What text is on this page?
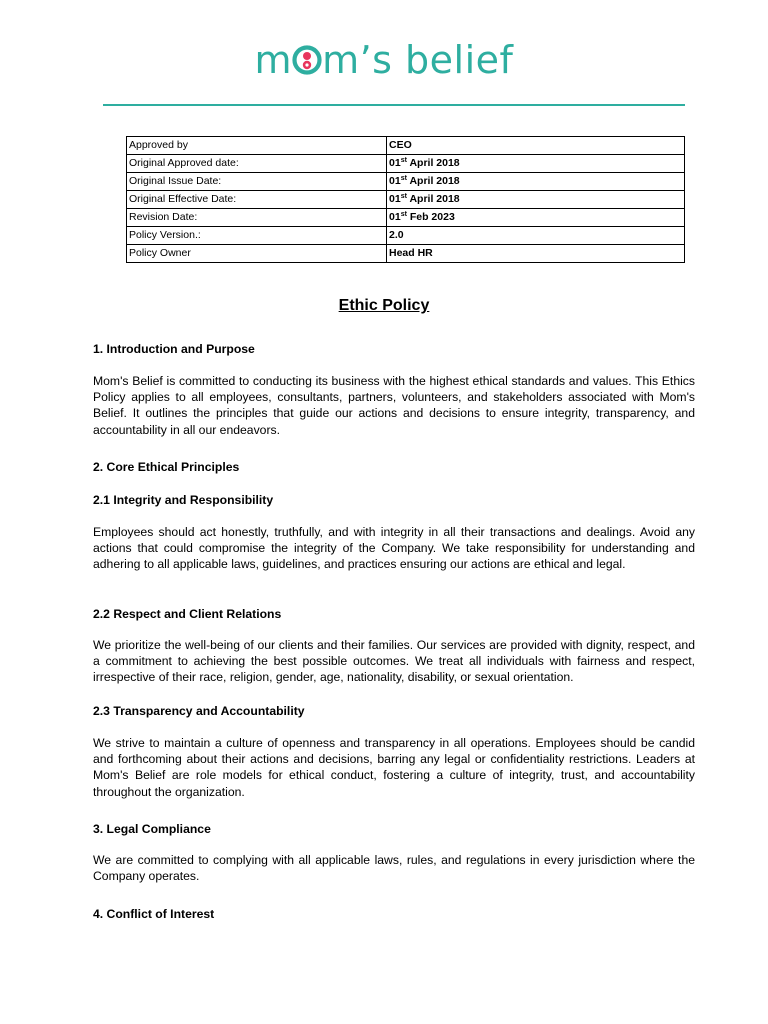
m m’s belief
Approved by	CEO
Original Approved date:	01st April 2018
Original Issue Date:	01st April 2018
Original Effective Date:	01st April 2018
Revision Date:	01st Feb 2023
Policy Version.:	2.0
Policy Owner	Head HR
Ethic Policy
1. Introduction and Purpose

Mom's Belief is committed to conducting its business with the highest ethical standards and values. This Ethics Policy applies to all employees, consultants, partners, volunteers, and stakeholders associated with Mom's Belief. It outlines the principles that guide our actions and decisions to ensure integrity, transparency, and accountability in all our endeavors.

2. Core Ethical Principles
2.1 Integrity and Responsibility

Employees should act honestly, truthfully, and with integrity in all their transactions and dealings. Avoid any actions that could compromise the integrity of the Company. We take responsibility for understanding and adhering to all applicable laws, guidelines, and practices ensuring our actions are ethical and legal.

2.2 Respect and Client Relations

We prioritize the well-being of our clients and their families. Our services are provided with dignity, respect, and a commitment to achieving the best possible outcomes. We treat all individuals with fairness and respect, irrespective of their race, religion, gender, age, nationality, disability, or sexual orientation.

2.3 Transparency and Accountability

We strive to maintain a culture of openness and transparency in all operations. Employees should be candid and forthcoming about their actions and decisions, barring any legal or confidentiality restrictions. Leaders at Mom's Belief are role models for ethical conduct, fostering a culture of integrity, trust, and accountability throughout the organization.

3. Legal Compliance

We are committed to complying with all applicable laws, rules, and regulations in every jurisdiction where the Company operates.

4. Conflict of Interest
